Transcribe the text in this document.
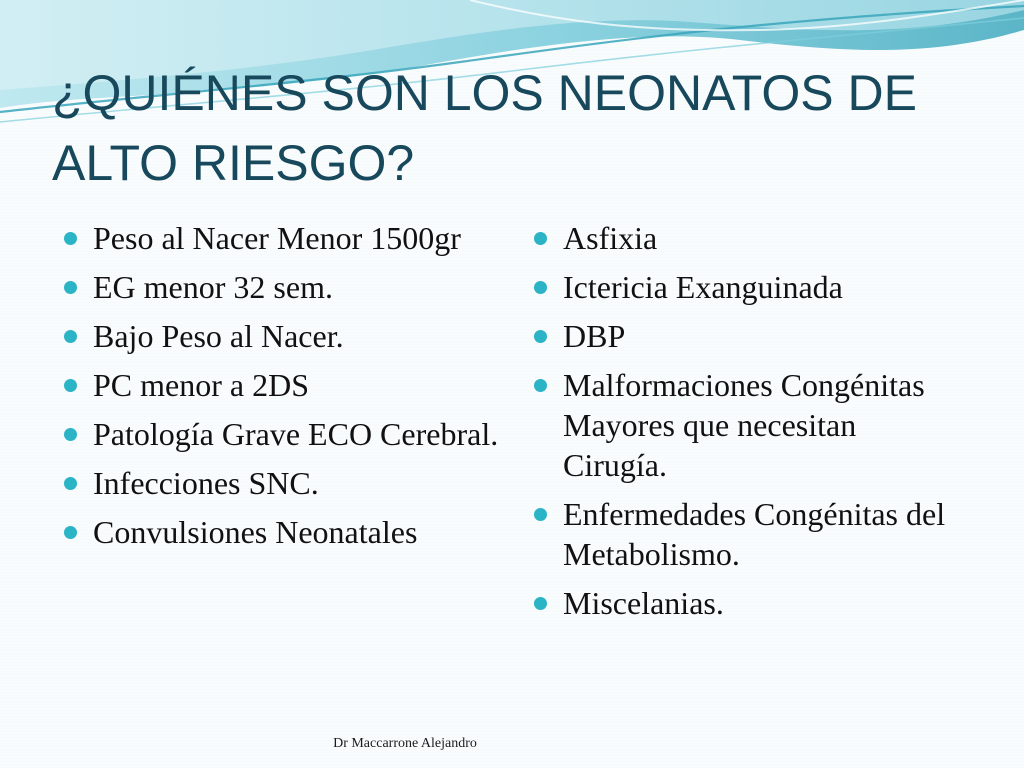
¿QUIÉNES SON LOS NEONATOS DE ALTO RIESGO?
Peso al Nacer Menor 1500gr
EG menor 32 sem.
Bajo Peso al Nacer.
PC menor a 2DS
Patología Grave ECO Cerebral.
Infecciones SNC.
Convulsiones Neonatales
Asfixia
Ictericia Exanguinada
DBP
Malformaciones Congénitas Mayores que necesitan Cirugía.
Enfermedades Congénitas del Metabolismo.
Miscelanias.
Dr Maccarrone Alejandro
